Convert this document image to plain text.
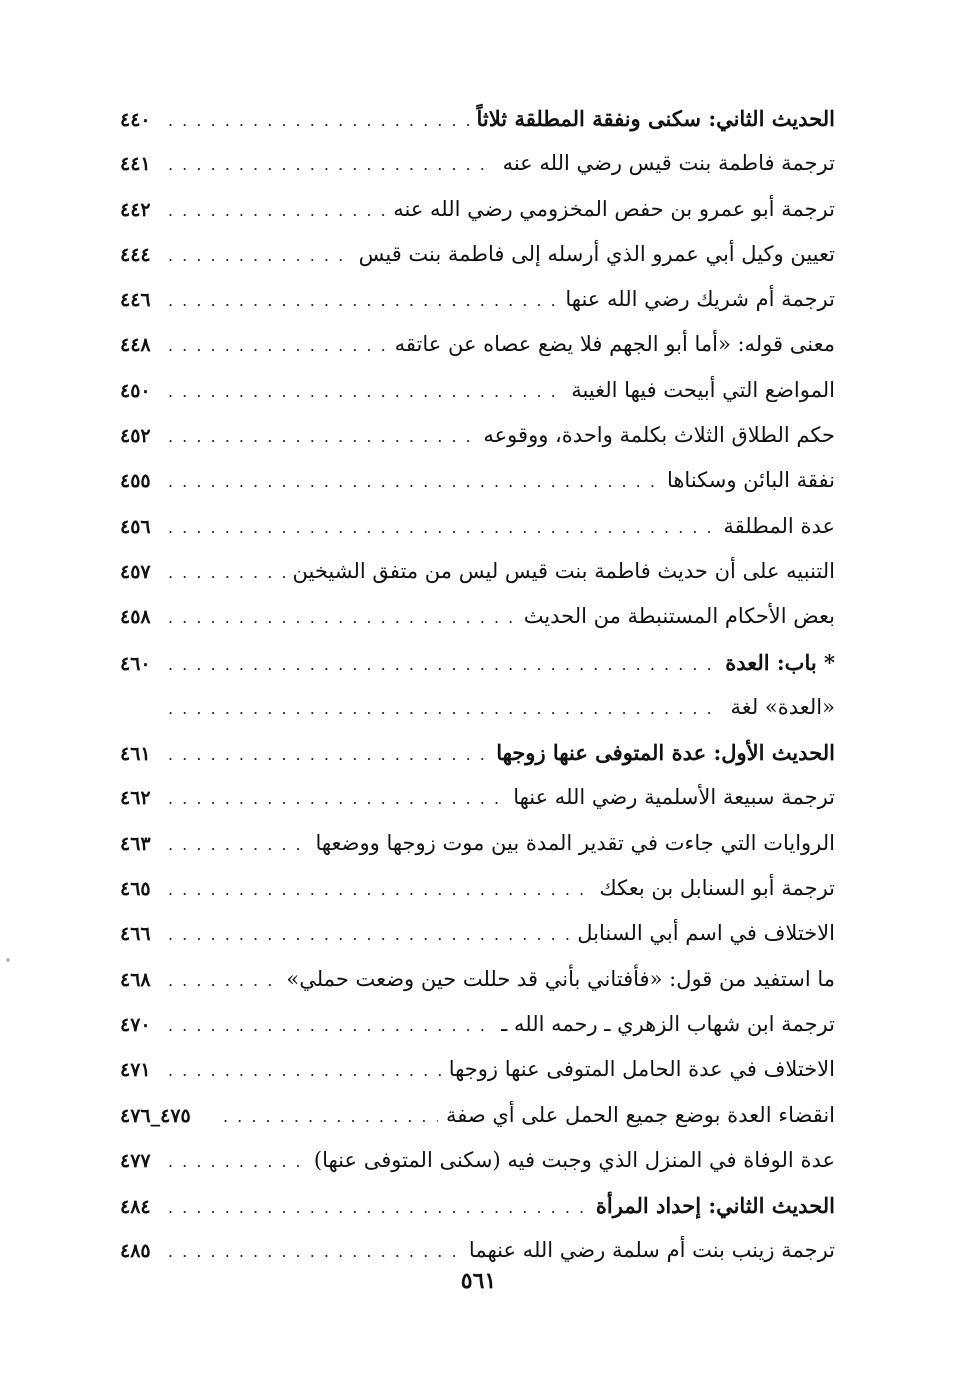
الحديث الثاني: سكنى ونفقة المطلقة ثلاثاً
. . .
٤٤٠
ترجمة فاطمة بنت قيس رضي الله عنه
. . .
٤٤١
ترجمة أبو عمرو بن حفص المخزومي رضي الله عنه
. . .
٤٤٢
تعيين وكيل أبي عمرو الذي أرسله إلى فاطمة بنت قيس
. . .
٤٤٤
ترجمة أم شريك رضي الله عنها
. . .
٤٤٦
معنى قوله: «أما أبو الجهم فلا يضع عصاه عن عاتقه
. . .
٤٤٨
المواضع التي أبيحت فيها الغيبة
. . .
٤٥٠
حكم الطلاق الثلاث بكلمة واحدة، ووقوعه
. . .
٤٥٢
نفقة البائن وسكناها
. . .
٤٥٥
عدة المطلقة
. . .
٤٥٦
التنبيه على أن حديث فاطمة بنت قيس ليس من متفق الشيخين
. . .
٤٥٧
بعض الأحكام المستنبطة من الحديث
. . .
٤٥٨
* باب: العدة
. . .
٤٦٠
«العدة» لغة
. . .
الحديث الأول: عدة المتوفى عنها زوجها
. . .
٤٦١
ترجمة سبيعة الأسلمية رضي الله عنها
. . .
٤٦٢
الروايات التي جاءت في تقدير المدة بين موت زوجها ووضعها
. . .
٤٦٣
ترجمة أبو السنابل بن بعكك
. . .
٤٦٥
الاختلاف في اسم أبي السنابل
. . .
٤٦٦
ما استفيد من قول: «فأفتاني بأني قد حللت حين وضعت حملي»
. . .
٤٦٨
ترجمة ابن شهاب الزهري ـ رحمه الله ـ
. . .
٤٧٠
الاختلاف في عدة الحامل المتوفى عنها زوجها
. . .
٤٧١
انقضاء العدة بوضع جميع الحمل على أي صفة
. . .
٤٧٥_٤٧٦
عدة الوفاة في المنزل الذي وجبت فيه (سكنى المتوفى عنها)
. . .
٤٧٧
الحديث الثاني: إحداد المرأة
. . .
٤٨٤
ترجمة زينب بنت أم سلمة رضي الله عنهما
. . .
٤٨٥
٥٦١
